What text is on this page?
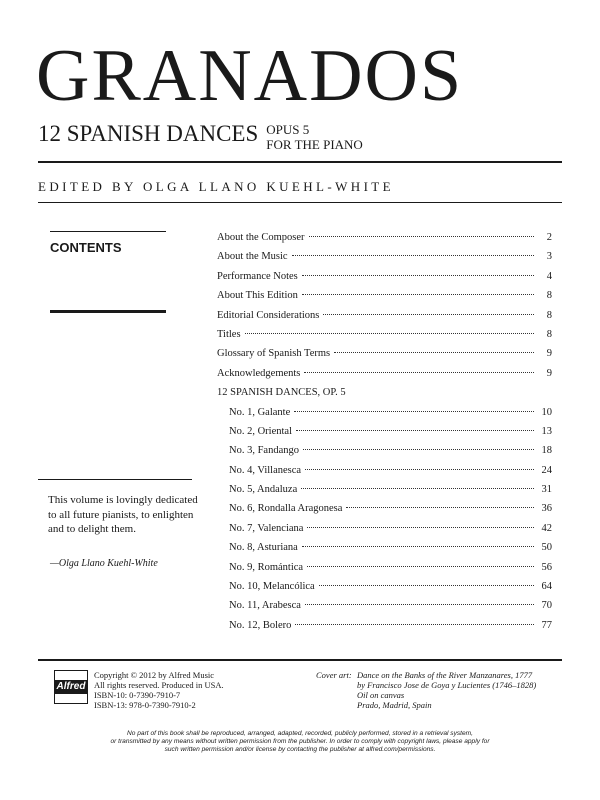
GRANADOS
12 SPANISH DANCES OPUS 5
FOR THE PIANO
EDITED BY OLGA LLANO KUEHL-WHITE
CONTENTS
About the Composer	2
About the Music	3
Performance Notes	4
About This Edition	8
Editorial Considerations	8
Titles	8
Glossary of Spanish Terms	9
Acknowledgements	9
12 SPANISH DANCES, OP. 5
No. 1, Galante	10
No. 2, Oriental	13
No. 3, Fandango	18
No. 4, Villanesca	24
No. 5, Andaluza	31
No. 6, Rondalla Aragonesa	36
No. 7, Valenciana	42
No. 8, Asturiana	50
No. 9, Romántica	56
No. 10, Melancólica	64
No. 11, Arabesca	70
No. 12, Bolero	77
This volume is lovingly dedicated to all future pianists, to enlighten and to delight them.
—Olga Llano Kuehl-White
Alfred
Copyright © 2012 by Alfred Music
All rights reserved. Produced in USA.
ISBN-10: 0-7390-7910-7
ISBN-13: 978-0-7390-7910-2
Cover art: Dance on the Banks of the River Manzanares, 1777
by Francisco Jose de Goya y Lucientes (1746–1828)
Oil on canvas
Prado, Madrid, Spain
No part of this book shall be reproduced, arranged, adapted, recorded, publicly performed, stored in a retrieval system,
or transmitted by any means without written permission from the publisher. In order to comply with copyright laws, please apply for
such written permission and/or license by contacting the publisher at alfred.com/permissions.
